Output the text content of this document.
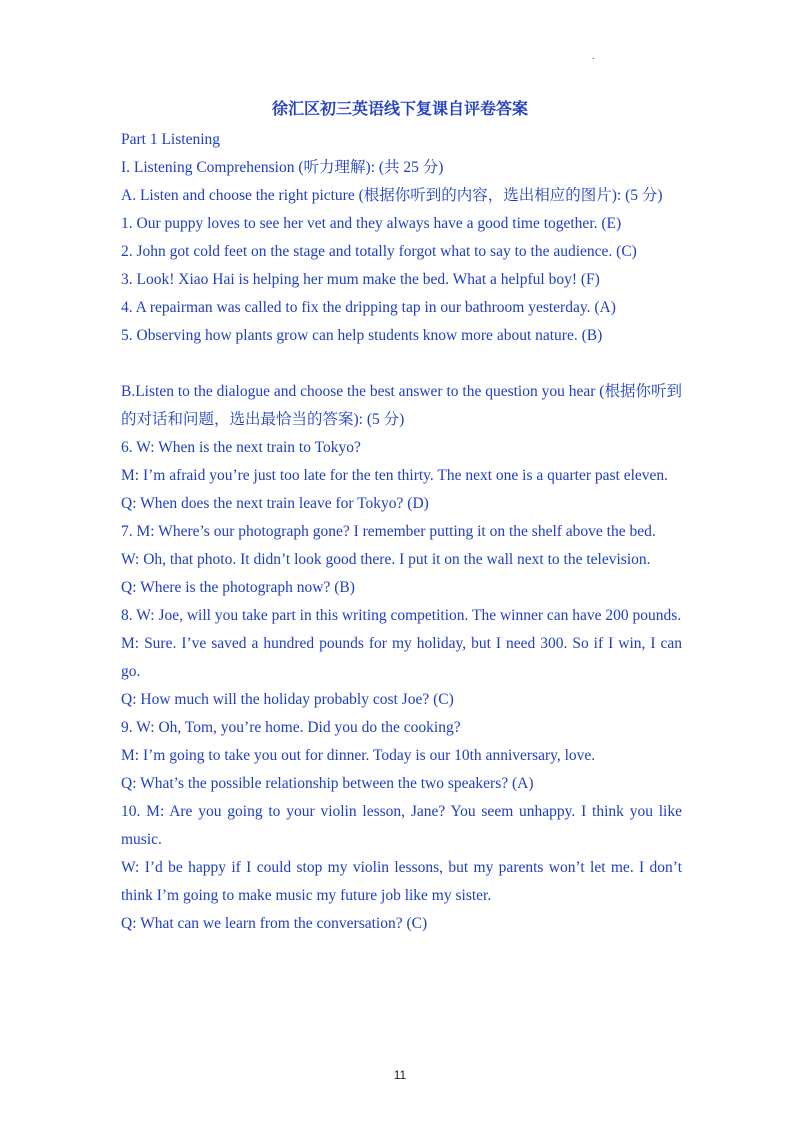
.
徐汇区初三英语线下复课自评卷答案
Part 1 Listening
I. Listening Comprehension (听力理解): (共 25 分)
A. Listen and choose the right picture (根据你听到的内容，选出相应的图片): (5 分)
1. Our puppy loves to see her vet and they always have a good time together. (E)
2. John got cold feet on the stage and totally forgot what to say to the audience. (C)
3. Look! Xiao Hai is helping her mum make the bed. What a helpful boy! (F)
4. A repairman was called to fix the dripping tap in our bathroom yesterday. (A)
5. Observing how plants grow can help students know more about nature. (B)
B.Listen to the dialogue and choose the best answer to the question you hear (根据你听到的对话和问题，选出最恰当的答案): (5 分)
6. W: When is the next train to Tokyo?
M: I’m afraid you’re just too late for the ten thirty. The next one is a quarter past eleven.
Q: When does the next train leave for Tokyo? (D)
7. M: Where’s our photograph gone? I remember putting it on the shelf above the bed.
W: Oh, that photo. It didn’t look good there. I put it on the wall next to the television.
Q: Where is the photograph now? (B)
8. W: Joe, will you take part in this writing competition. The winner can have 200 pounds.
M: Sure. I’ve saved a hundred pounds for my holiday, but I need 300. So if I win, I can go.
Q: How much will the holiday probably cost Joe? (C)
9. W: Oh, Tom, you’re home. Did you do the cooking?
M: I’m going to take you out for dinner. Today is our 10th anniversary, love.
Q: What’s the possible relationship between the two speakers? (A)
10. M: Are you going to your violin lesson, Jane? You seem unhappy. I think you like music.
W: I’d be happy if I could stop my violin lessons, but my parents won’t let me. I don’t think I’m going to make music my future job like my sister.
Q: What can we learn from the conversation? (C)
11
